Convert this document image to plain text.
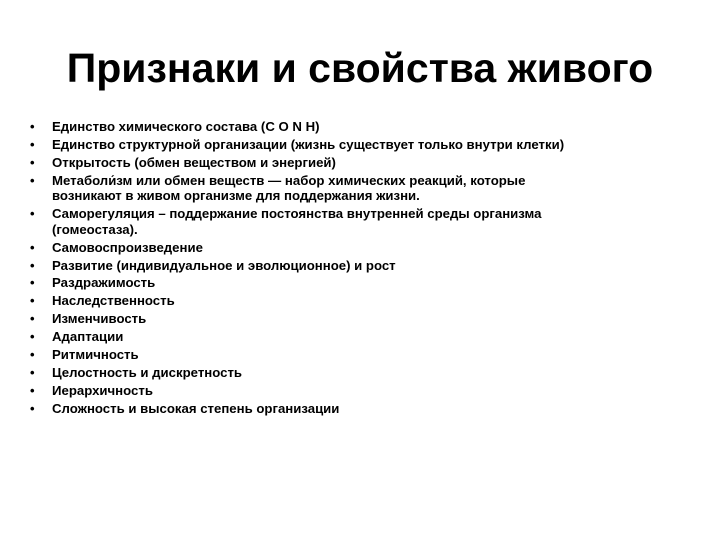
Признаки и свойства живого
• Единство химического состава (С O N H)
• Единство структурной организации (жизнь существует только внутри клетки)
• Открытость (обмен веществом и энергией)
• Метаболи́зм или обмен веществ — набор химических реакций, которые
возникают в живом организме для поддержания жизни.
• Саморегуляция – поддержание постоянства внутренней среды организма
(гомеостаза).
• Самовоспроизведение
• Развитие (индивидуальное и эволюционное) и рост
• Раздражимость
• Наследственность
• Изменчивость
• Адаптации
• Ритмичность
• Целостность и дискретность
• Иерархичность
• Сложность и высокая степень организации
